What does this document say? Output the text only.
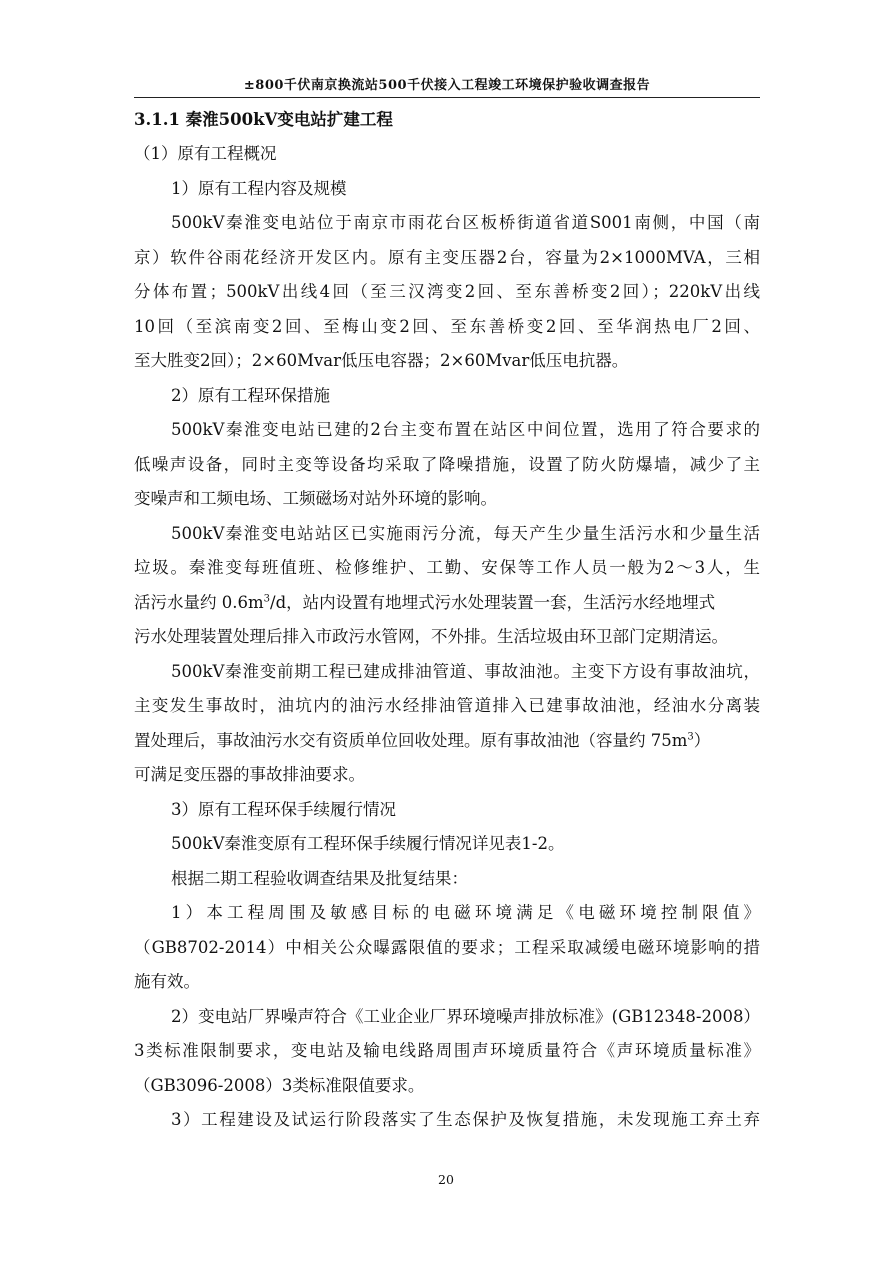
±800千伏南京换流站500千伏接入工程竣工环境保护验收调查报告
3.1.1 秦淮500kV变电站扩建工程
（1）原有工程概况
1）原有工程内容及规模
500kV秦淮变电站位于南京市雨花台区板桥街道省道S001南侧，中国（南
京）软件谷雨花经济开发区内。原有主变压器2台，容量为2×1000MVA，三相
分体布置；500kV出线4回（至三汉湾变2回、至东善桥变2回）；220kV出线
10回（至滨南变2回、至梅山变2回、至东善桥变2回、至华润热电厂2回、
至大胜变2回）；2×60Mvar低压电容器；2×60Mvar低压电抗器。
2）原有工程环保措施
500kV秦淮变电站已建的2台主变布置在站区中间位置，选用了符合要求的
低噪声设备，同时主变等设备均采取了降噪措施，设置了防火防爆墙，减少了主
变噪声和工频电场、工频磁场对站外环境的影响。
500kV秦淮变电站站区已实施雨污分流，每天产生少量生活污水和少量生活
垃圾。秦淮变每班值班、检修维护、工勤、安保等工作人员一般为2～3人，生
活污水量约 $0.6m^3/d$，站内设置有地埋式污水处理装置一套，生活污水经地埋式
污水处理装置处理后排入市政污水管网，不外排。生活垃圾由环卫部门定期清运。
500kV秦淮变前期工程已建成排油管道、事故油池。主变下方设有事故油坑，
主变发生事故时，油坑内的油污水经排油管道排入已建事故油池，经油水分离装
置处理后，事故油污水交有资质单位回收处理。原有事故油池（容量约 $75m^3$）
可满足变压器的事故排油要求。
3）原有工程环保手续履行情况
500kV秦淮变原有工程环保手续履行情况详见表1-2。
根据二期工程验收调查结果及批复结果：
1）本工程周围及敏感目标的电磁环境满足《电磁环境控制限值》
（GB8702-2014）中相关公众曝露限值的要求；工程采取减缓电磁环境影响的措
施有效。
2）变电站厂界噪声符合《工业企业厂界环境噪声排放标准》(GB12348-2008）
3类标准限制要求，变电站及输电线路周围声环境质量符合《声环境质量标准》
（GB3096-2008）3类标准限值要求。
3）工程建设及试运行阶段落实了生态保护及恢复措施，未发现施工弃土弃
20
